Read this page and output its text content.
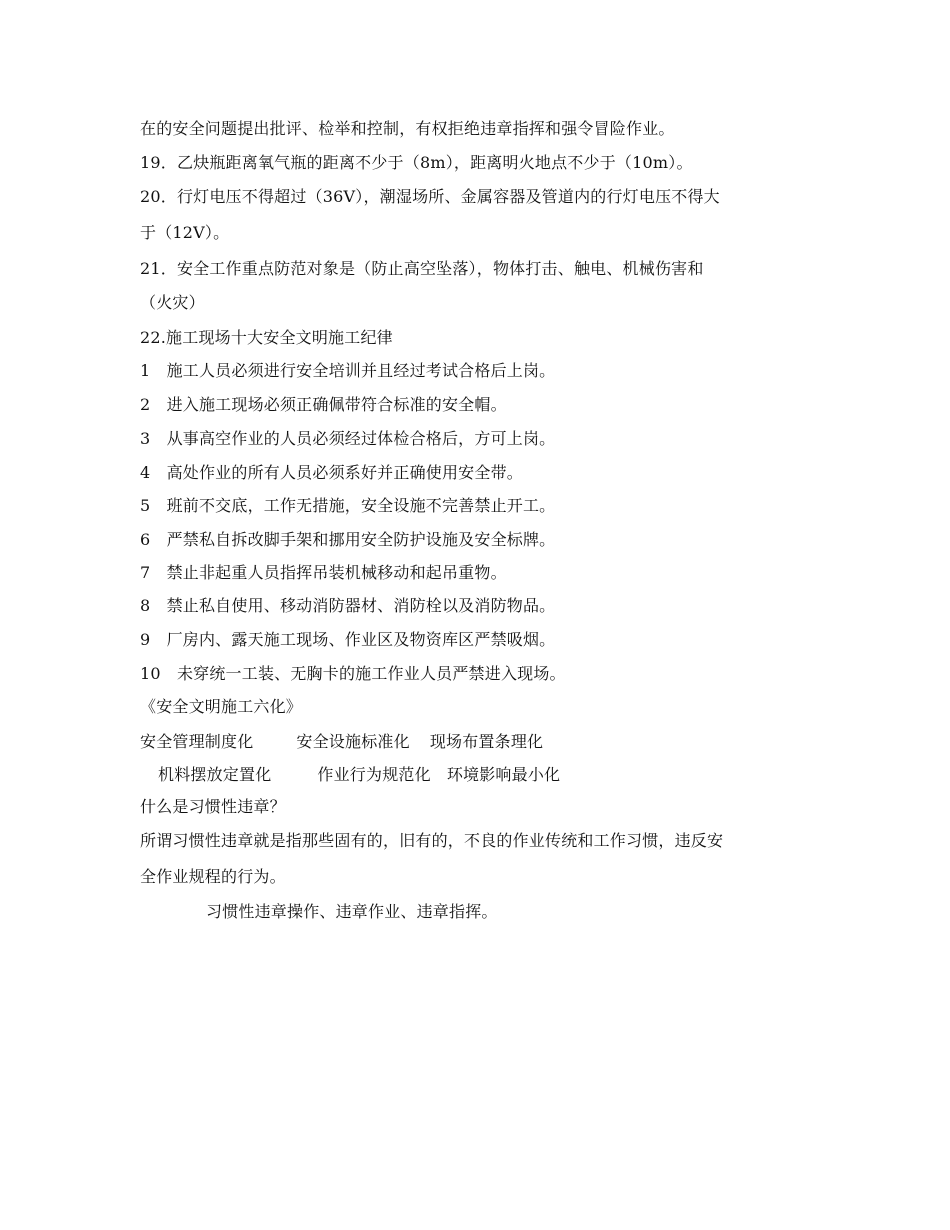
在的安全问题提出批评、检举和控制，有权拒绝违章指挥和强令冒险作业。
19．乙炔瓶距离氧气瓶的距离不少于（8m），距离明火地点不少于（10m）。
20．行灯电压不得超过（36V），潮湿场所、金属容器及管道内的行灯电压不得大
于（12V）。
21．安全工作重点防范对象是（防止高空坠落），物体打击、触电、机械伤害和
（火灾）
22.施工现场十大安全文明施工纪律
1　施工人员必须进行安全培训并且经过考试合格后上岗。
2　进入施工现场必须正确佩带符合标准的安全帽。
3　从事高空作业的人员必须经过体检合格后，方可上岗。
4　高处作业的所有人员必须系好并正确使用安全带。
5　班前不交底，工作无措施，安全设施不完善禁止开工。
6　严禁私自拆改脚手架和挪用安全防护设施及安全标牌。
7　禁止非起重人员指挥吊装机械移动和起吊重物。
8　禁止私自使用、移动消防器材、消防栓以及消防物品。
9　厂房内、露天施工现场、作业区及物资库区严禁吸烟。
10　未穿统一工装、无胸卡的施工作业人员严禁进入现场。
《安全文明施工六化》
安全管理制度化	安全设施标准化 现场布置条理化
机料摆放定置化	作业行为规范化 环境影响最小化
什么是习惯性违章？
所谓习惯性违章就是指那些固有的，旧有的，不良的作业传统和工作习惯，违反安
全作业规程的行为。
习惯性违章操作、违章作业、违章指挥。
